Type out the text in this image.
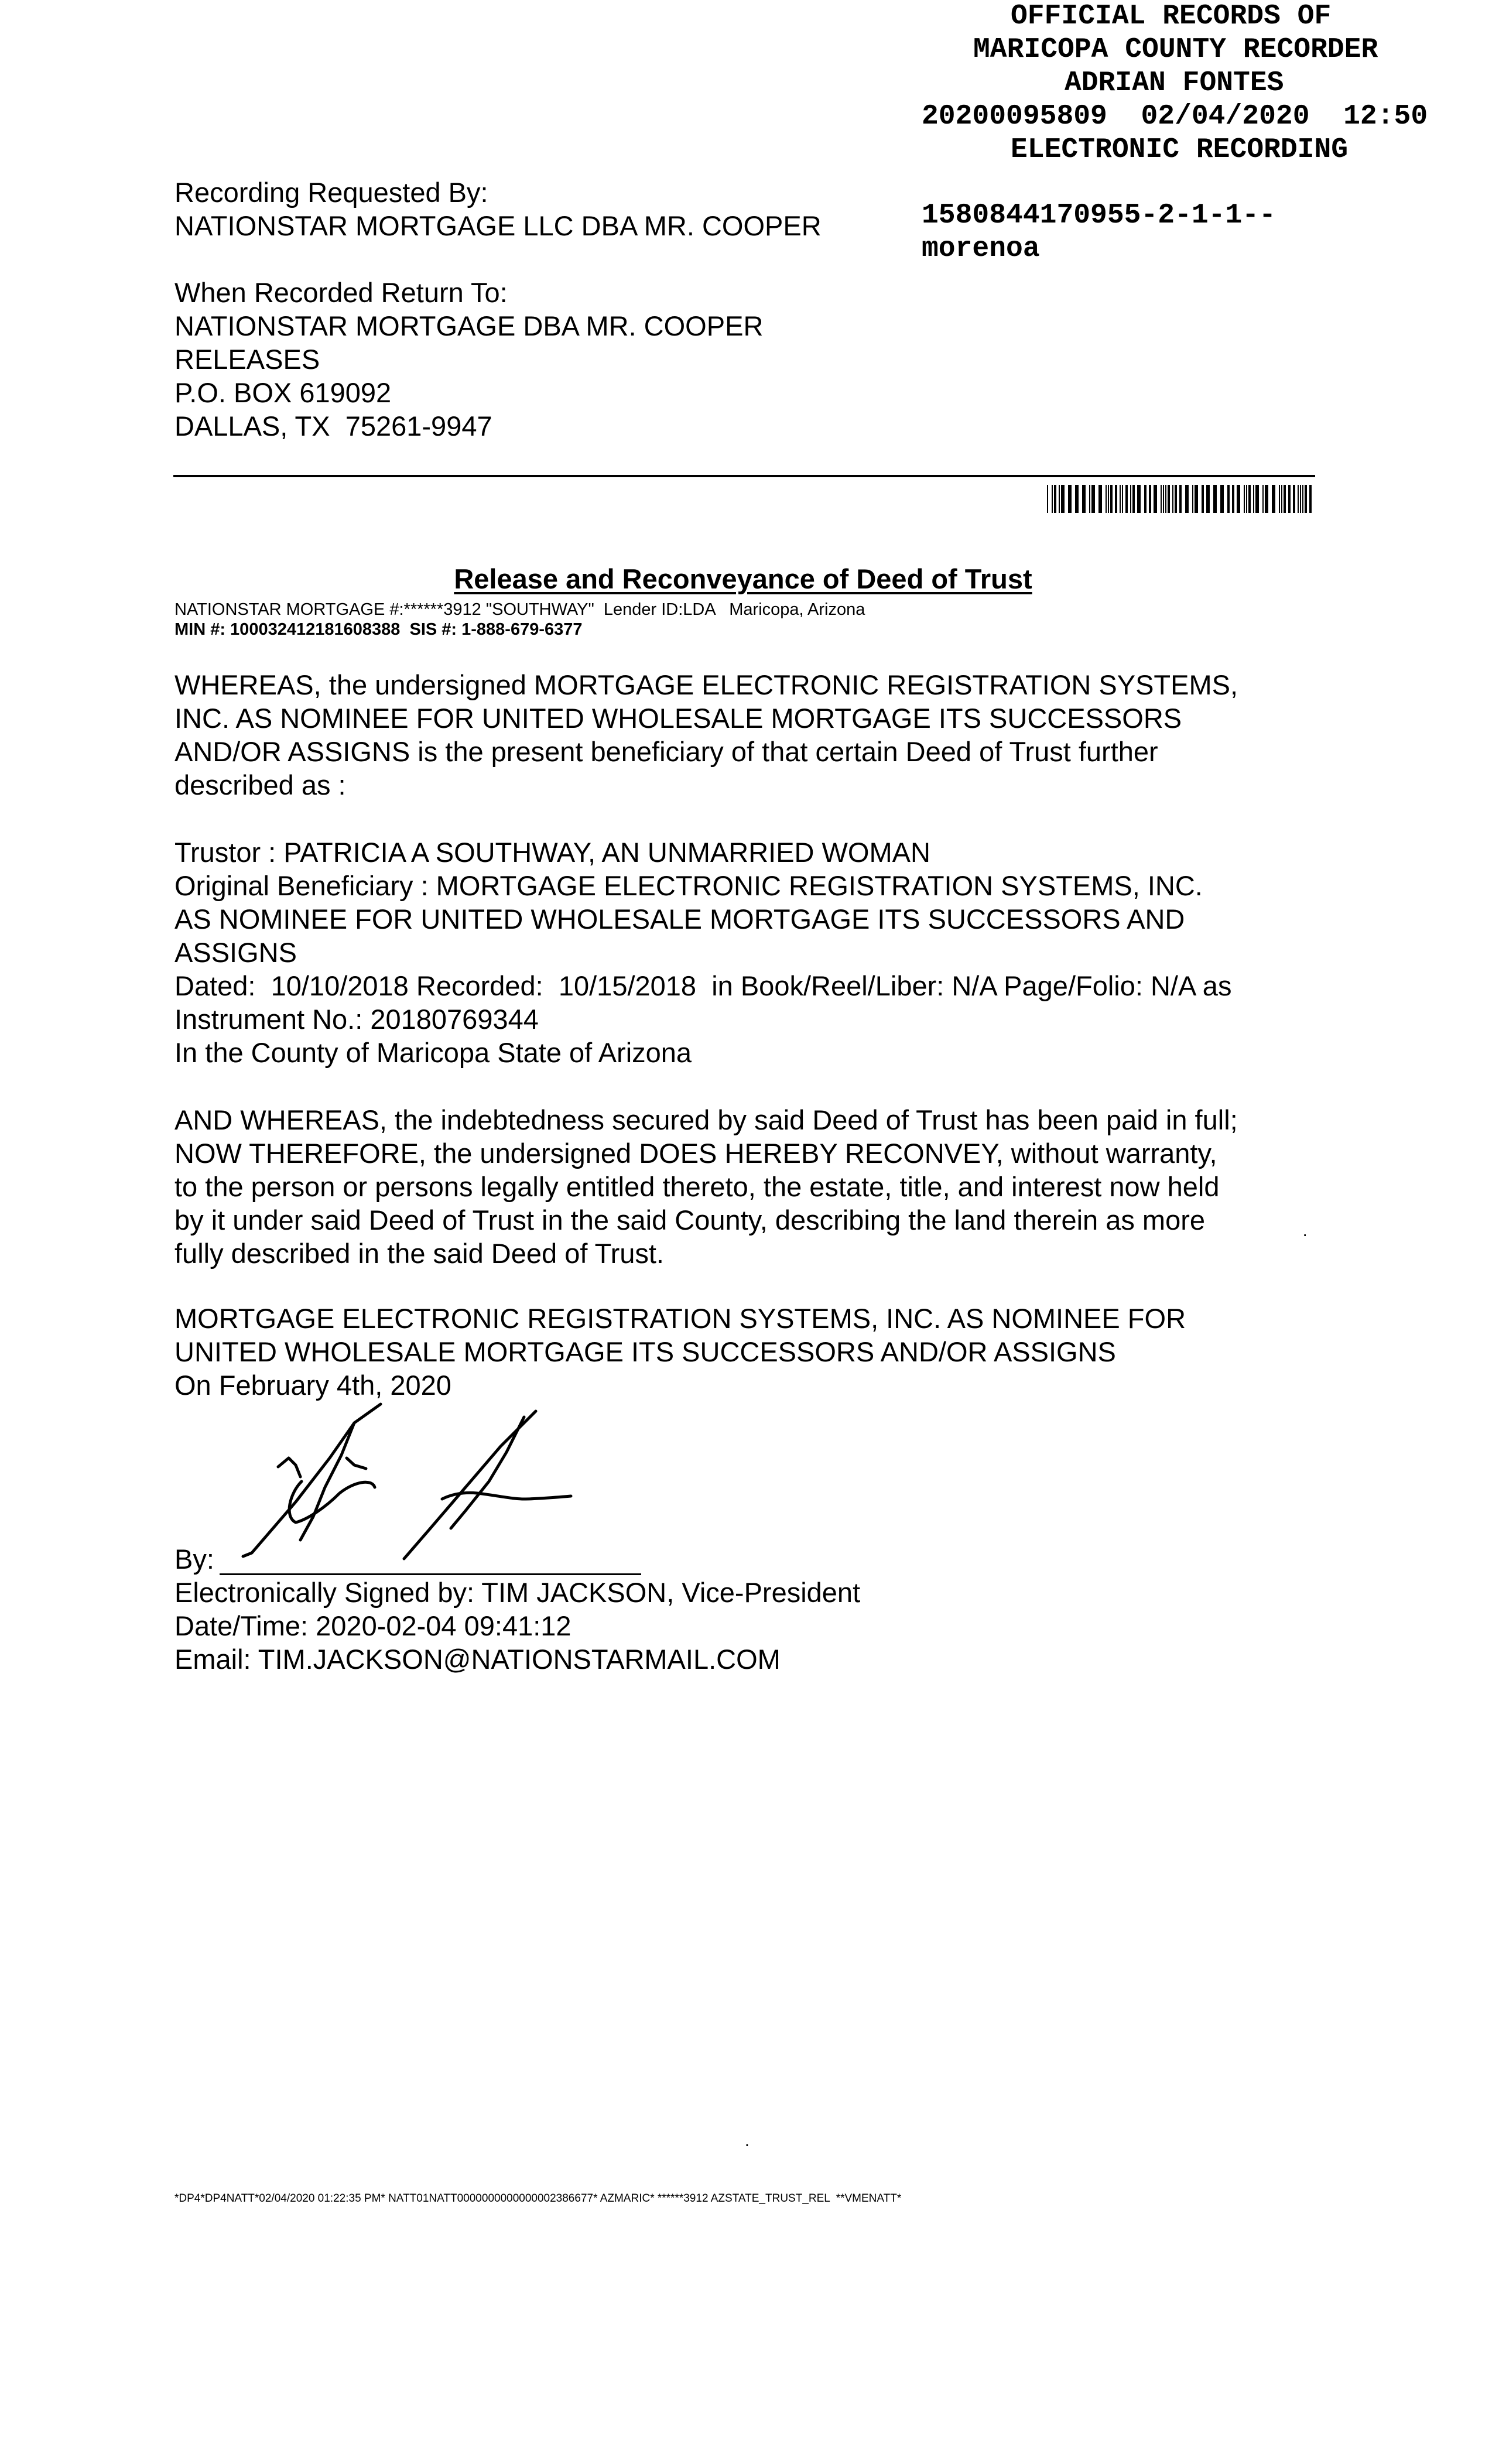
OFFICIAL RECORDS OF

MARICOPA COUNTY RECORDER

ADRIAN FONTES

20200095809  02/04/2020  12:50

ELECTRONIC RECORDING

1580844170955-2-1-1--

morenoa

Recording Requested By:

NATIONSTAR MORTGAGE LLC DBA MR. COOPER

When Recorded Return To:

NATIONSTAR MORTGAGE DBA MR. COOPER

RELEASES

P.O. BOX 619092

DALLAS, TX  75261-9947

Release and Reconveyance of Deed of Trust

NATIONSTAR MORTGAGE #:******3912 "SOUTHWAY"  Lender ID:LDA   Maricopa, Arizona

MIN #: 100032412181608388  SIS #: 1-888-679-6377

WHEREAS, the undersigned MORTGAGE ELECTRONIC REGISTRATION SYSTEMS,
INC. AS NOMINEE FOR UNITED WHOLESALE MORTGAGE ITS SUCCESSORS
AND/OR ASSIGNS is the present beneficiary of that certain Deed of Trust further
described as :

Trustor : PATRICIA A SOUTHWAY, AN UNMARRIED WOMAN
Original Beneficiary : MORTGAGE ELECTRONIC REGISTRATION SYSTEMS, INC.
AS NOMINEE FOR UNITED WHOLESALE MORTGAGE ITS SUCCESSORS AND
ASSIGNS
Dated:  10/10/2018 Recorded:  10/15/2018  in Book/Reel/Liber: N/A Page/Folio: N/A as
Instrument No.: 20180769344
In the County of Maricopa State of Arizona

AND WHEREAS, the indebtedness secured by said Deed of Trust has been paid in full;
NOW THEREFORE, the undersigned DOES HEREBY RECONVEY, without warranty,
to the person or persons legally entitled thereto, the estate, title, and interest now held
by it under said Deed of Trust in the said County, describing the land therein as more
fully described in the said Deed of Trust.

·

MORTGAGE ELECTRONIC REGISTRATION SYSTEMS, INC. AS NOMINEE FOR
UNITED WHOLESALE MORTGAGE ITS SUCCESSORS AND/OR ASSIGNS
On February 4th, 2020

By:

Electronically Signed by: TIM JACKSON, Vice-President

Date/Time: 2020-02-04 09:41:12

Email: TIM.JACKSON@NATIONSTARMAIL.COM

.

*DP4*DP4NATT*02/04/2020 01:22:35 PM* NATT01NATT0000000000000002386677* AZMARIC* ******3912 AZSTATE_TRUST_REL  **VMENATT*
